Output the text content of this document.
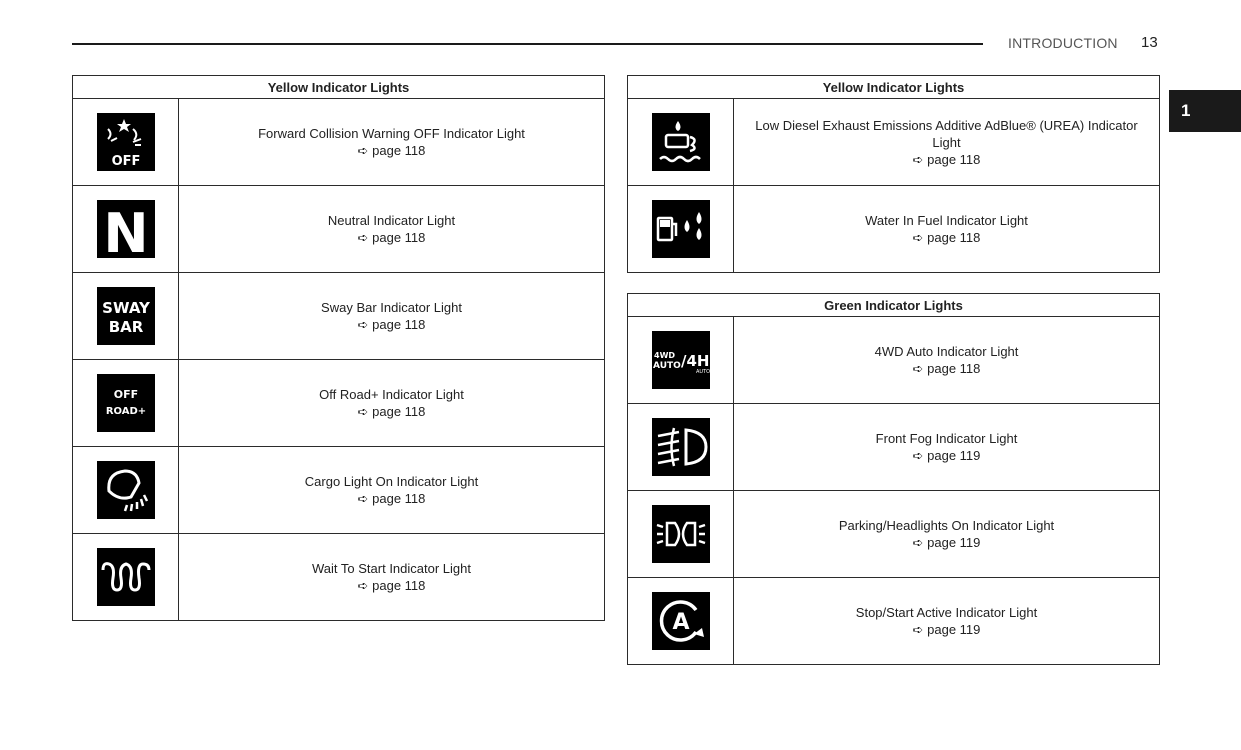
INTRODUCTION 13
1
Yellow Indicator Lights	

OFF	Forward Collision Warning OFF Indicator Light
➪ page 118

N	Neutral Indicator Light
➪ page 118

SWAY
BAR	Sway Bar Indicator Light
➪ page 118

OFF
ROAD+	Off Road+ Indicator Light
➪ page 118

	Cargo Light On Indicator Light
➪ page 118

	Wait To Start Indicator Light
➪ page 118
Yellow Indicator Lights	

	Low Diesel Exhaust Emissions Additive AdBlue® (UREA) Indicator Light
➪ page 118

	Water In Fuel Indicator Light
➪ page 118
Green Indicator Lights	

4WD
AUTO /4H
AUTO	4WD Auto Indicator Light
➪ page 118

	Front Fog Indicator Light
➪ page 119

	Parking/Headlights On Indicator Light
➪ page 119

A	Stop/Start Active Indicator Light
➪ page 119
